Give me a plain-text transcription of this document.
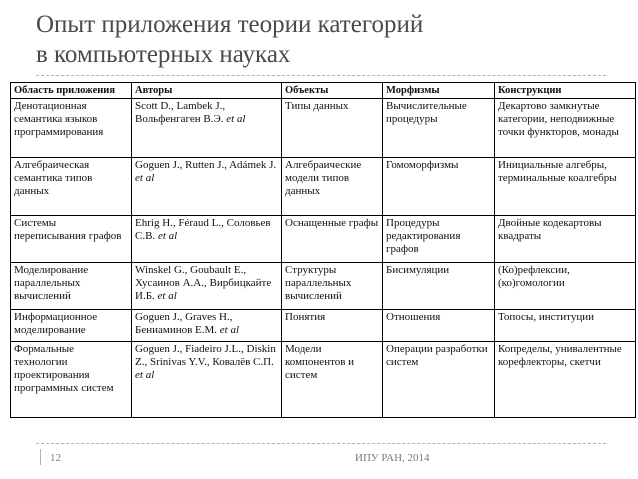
Опыт приложения теории категорий
в компьютерных науках
Область приложения	Авторы	Объекты	Морфизмы	Конструкции
Денотационная семантика языков программирования	Scott D., Lambek J., Вольфенгаген В.Э. et al	Типы данных	Вычислительные процедуры	Декартово замкнутые категории, неподвижные точки функторов, монады
Алгебраическая семантика типов данных	Goguen J., Rutten J., Adámek J. et al	Алгебраические модели типов данных	Гомоморфизмы	Инициальные алгебры, терминальные коалгебры
Системы переписывания графов	Ehrig H., Féraud L., Соловьев С.В. et al	Оснащенные графы	Процедуры редактирования графов	Двойные кодекартовы квадраты
Моделирование параллельных вычислений	Winskel G., Goubault E., Хусаинов А.А., Вирбицкайте И.Б. et al	Структуры параллельных вычислений	Бисимуляции	(Ко)рефлексии, (ко)гомологии
Информационное моделирование	Goguen J., Graves H., Бениаминов Е.М. et al	Понятия	Отношения	Топосы, институции
Формальные технологии проектирования программных систем	Goguen J., Fiadeiro J.L., Diskin Z., Srinivas Y.V., Ковалёв С.П. et al	Модели компонентов и систем	Операции разработки систем	Копределы, унивалентные корефлекторы, скетчи
12	ИПУ РАН, 2014
